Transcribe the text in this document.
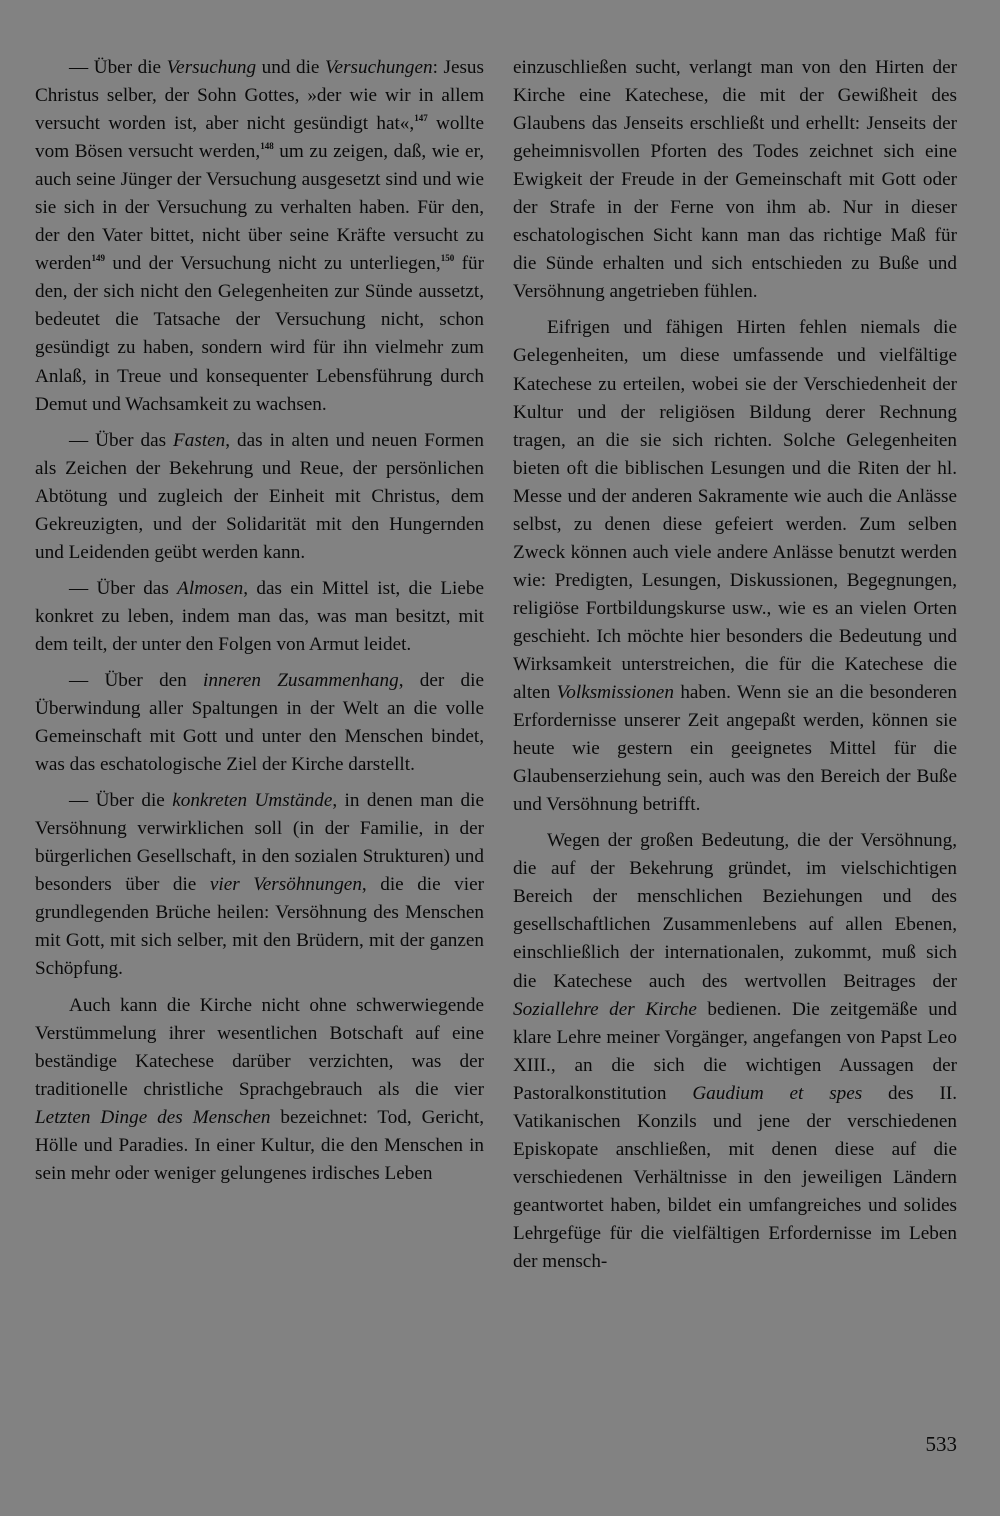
— Über die Versuchung und die Versuchungen: Jesus Christus selber, der Sohn Gottes, »der wie wir in allem versucht worden ist, aber nicht gesündigt hat«,$^{147}$ wollte vom Bösen versucht werden,$^{148}$ um zu zeigen, daß, wie er, auch seine Jünger der Versuchung ausgesetzt sind und wie sie sich in der Versuchung zu verhalten haben. Für den, der den Vater bittet, nicht über seine Kräfte versucht zu werden$^{149}$ und der Versuchung nicht zu unterliegen,$^{150}$ für den, der sich nicht den Gelegenheiten zur Sünde aussetzt, bedeutet die Tatsache der Versuchung nicht, schon gesündigt zu haben, sondern wird für ihn vielmehr zum Anlaß, in Treue und konsequenter Lebensführung durch Demut und Wachsamkeit zu wachsen.

— Über das Fasten, das in alten und neuen Formen als Zeichen der Bekehrung und Reue, der persönlichen Abtötung und zugleich der Einheit mit Christus, dem Gekreuzigten, und der Solidarität mit den Hungernden und Leidenden geübt werden kann.

— Über das Almosen, das ein Mittel ist, die Liebe konkret zu leben, indem man das, was man besitzt, mit dem teilt, der unter den Folgen von Armut leidet.

— Über den inneren Zusammenhang, der die Überwindung aller Spaltungen in der Welt an die volle Gemeinschaft mit Gott und unter den Menschen bindet, was das eschatologische Ziel der Kirche darstellt.

— Über die konkreten Umstände, in denen man die Versöhnung verwirklichen soll (in der Familie, in der bürgerlichen Gesellschaft, in den sozialen Strukturen) und besonders über die vier Versöhnungen, die die vier grundlegenden Brüche heilen: Versöhnung des Menschen mit Gott, mit sich selber, mit den Brüdern, mit der ganzen Schöpfung.

Auch kann die Kirche nicht ohne schwerwiegende Verstümmelung ihrer wesentlichen Botschaft auf eine beständige Katechese darüber verzichten, was der traditionelle christliche Sprachgebrauch als die vier Letzten Dinge des Menschen bezeichnet: Tod, Gericht, Hölle und Paradies. In einer Kultur, die den Menschen in sein mehr oder weniger gelungenes irdisches Leben

einzuschließen sucht, verlangt man von den Hirten der Kirche eine Katechese, die mit der Gewißheit des Glaubens das Jenseits erschließt und erhellt: Jenseits der geheimnisvollen Pforten des Todes zeichnet sich eine Ewigkeit der Freude in der Gemeinschaft mit Gott oder der Strafe in der Ferne von ihm ab. Nur in dieser eschatologischen Sicht kann man das richtige Maß für die Sünde erhalten und sich entschieden zu Buße und Versöhnung angetrieben fühlen.

Eifrigen und fähigen Hirten fehlen niemals die Gelegenheiten, um diese umfassende und vielfältige Katechese zu erteilen, wobei sie der Verschiedenheit der Kultur und der religiösen Bildung derer Rechnung tragen, an die sie sich richten. Solche Gelegenheiten bieten oft die biblischen Lesungen und die Riten der hl. Messe und der anderen Sakramente wie auch die Anlässe selbst, zu denen diese gefeiert werden. Zum selben Zweck können auch viele andere Anlässe benutzt werden wie: Predigten, Lesungen, Diskussionen, Begegnungen, religiöse Fortbildungskurse usw., wie es an vielen Orten geschieht. Ich möchte hier besonders die Bedeutung und Wirksamkeit unterstreichen, die für die Katechese die alten Volksmissionen haben. Wenn sie an die besonderen Erfordernisse unserer Zeit angepaßt werden, können sie heute wie gestern ein geeignetes Mittel für die Glaubenserziehung sein, auch was den Bereich der Buße und Versöhnung betrifft.

Wegen der großen Bedeutung, die der Versöhnung, die auf der Bekehrung gründet, im vielschichtigen Bereich der menschlichen Beziehungen und des gesellschaftlichen Zusammenlebens auf allen Ebenen, einschließlich der internationalen, zukommt, muß sich die Katechese auch des wertvollen Beitrages der Soziallehre der Kirche bedienen. Die zeitgemäße und klare Lehre meiner Vorgänger, angefangen von Papst Leo XIII., an die sich die wichtigen Aussagen der Pastoralkonstitution Gaudium et spes des II. Vatikanischen Konzils und jene der verschiedenen Episkopate anschließen, mit denen diese auf die verschiedenen Verhältnisse in den jeweiligen Ländern geantwortet haben, bildet ein umfangreiches und solides Lehrgefüge für die vielfältigen Erfordernisse im Leben der mensch-

533
